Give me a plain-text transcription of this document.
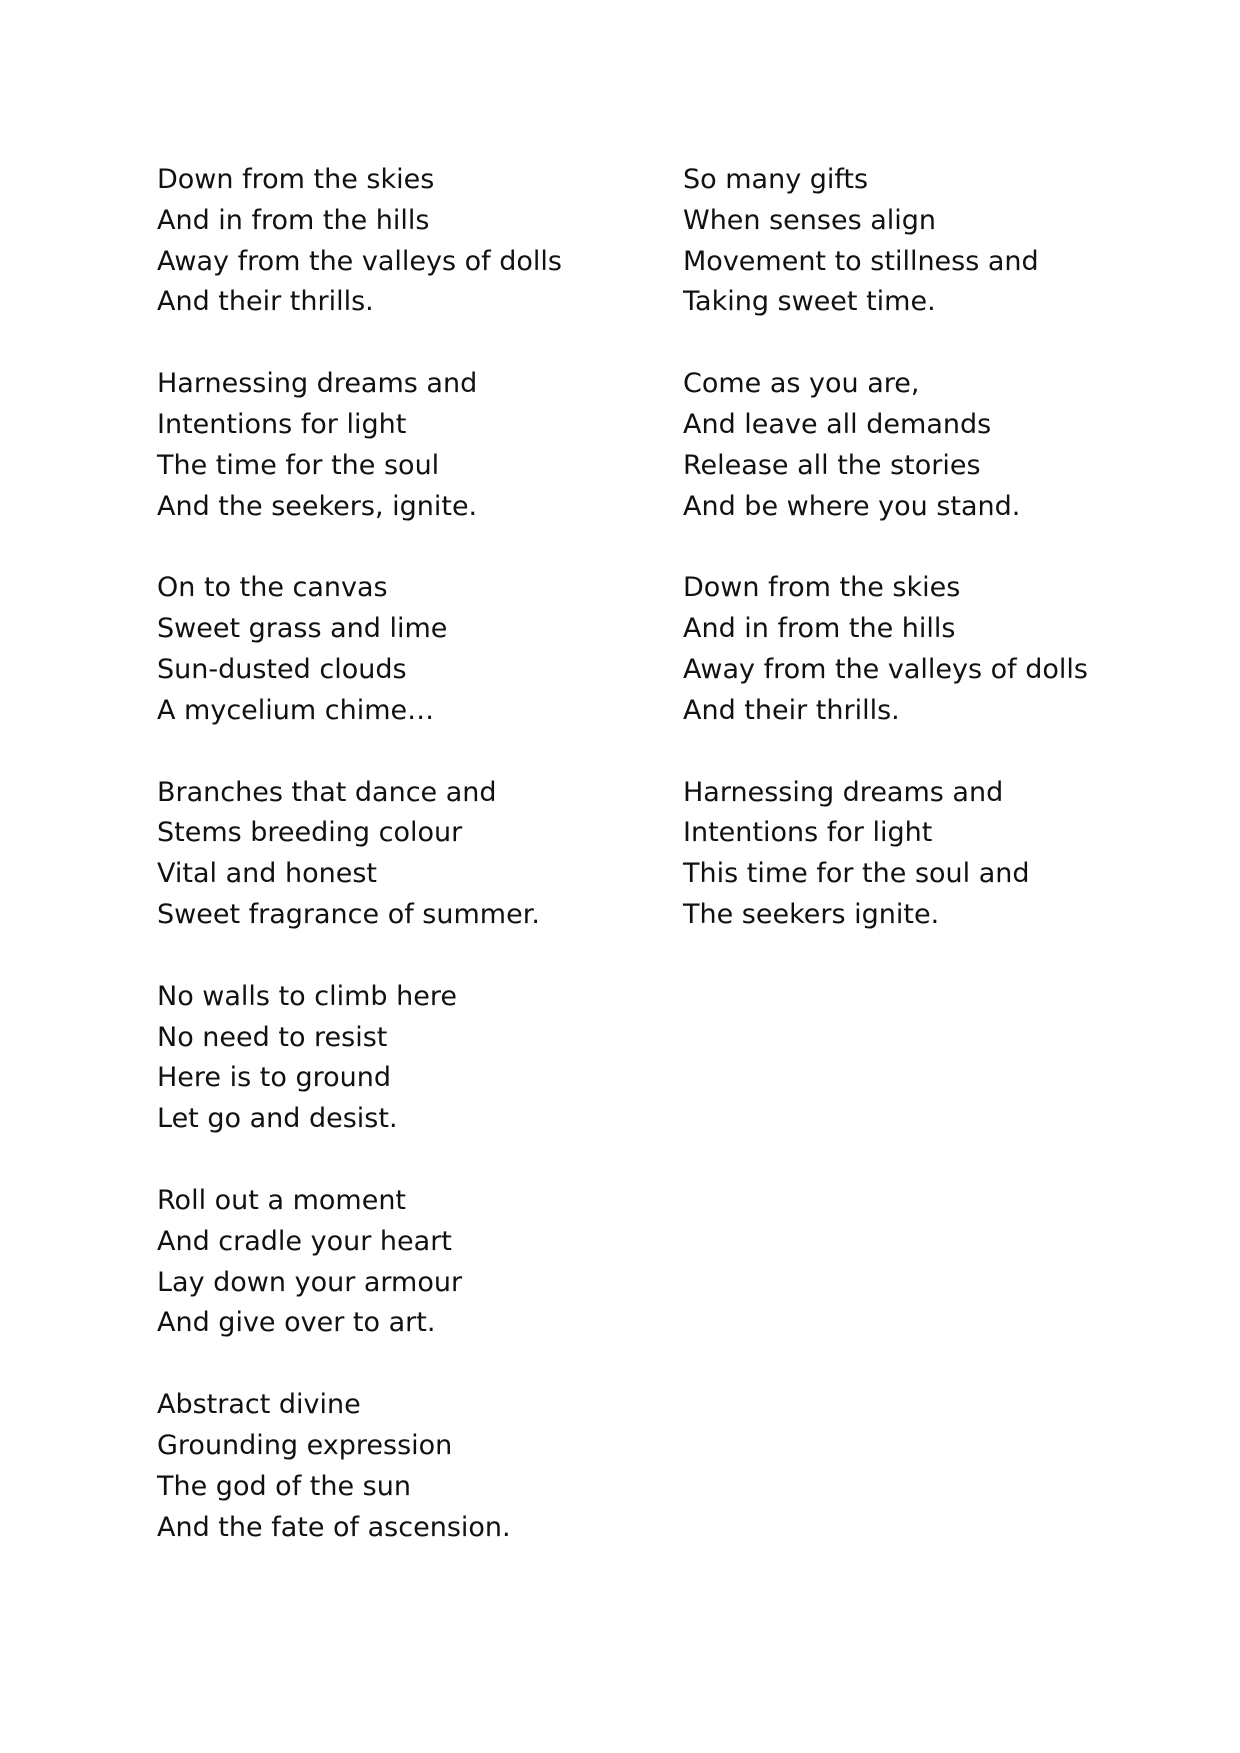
Down from the skies
And in from the hills
Away from the valleys of dolls
And their thrills.
Harnessing dreams and
Intentions for light
The time for the soul
And the seekers, ignite.
On to the canvas
Sweet grass and lime
Sun-dusted clouds
A mycelium chime…
Branches that dance and
Stems breeding colour
Vital and honest
Sweet fragrance of summer.
No walls to climb here
No need to resist
Here is to ground
Let go and desist.
Roll out a moment
And cradle your heart
Lay down your armour
And give over to art.
Abstract divine
Grounding expression
The god of the sun
And the fate of ascension.
So many gifts
When senses align
Movement to stillness and
Taking sweet time.
Come as you are,
And leave all demands
Release all the stories
And be where you stand.
Down from the skies
And in from the hills
Away from the valleys of dolls
And their thrills.
Harnessing dreams and
Intentions for light
This time for the soul and
The seekers ignite.
